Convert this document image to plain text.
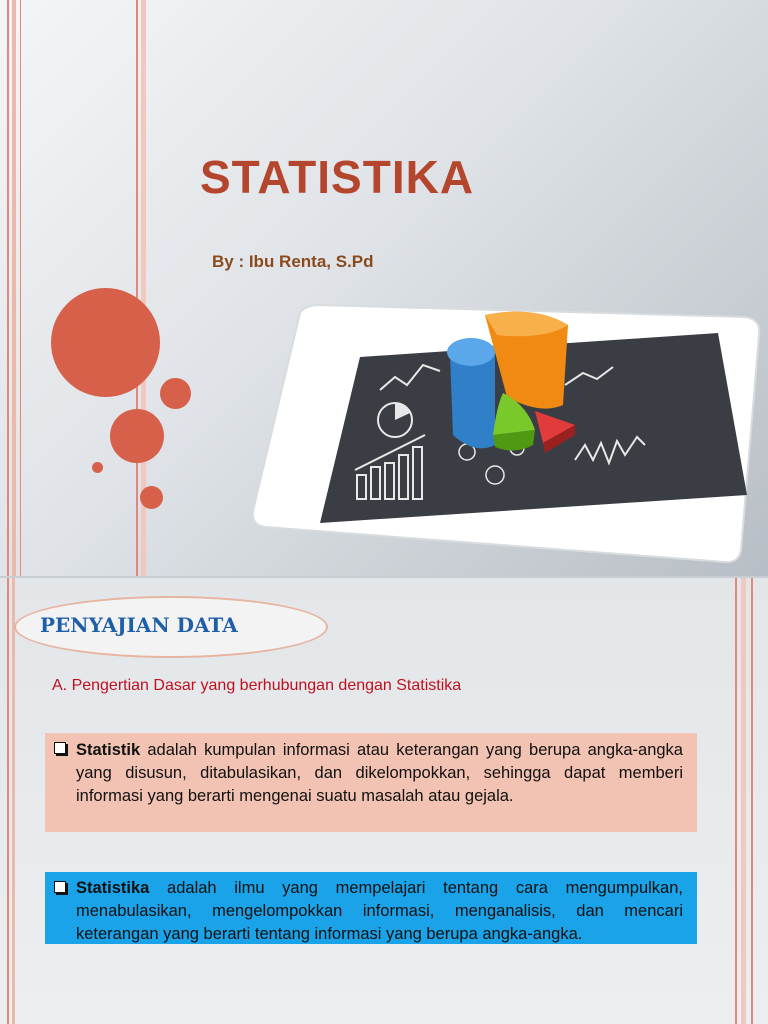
STATISTIKA
By : Ibu Renta, S.Pd
PENYAJIAN DATA
A. Pengertian Dasar yang berhubungan dengan Statistika
Statistik adalah kumpulan informasi atau keterangan yang berupa angka-angka yang disusun, ditabulasikan, dan dikelompokkan, sehingga dapat memberi informasi yang berarti mengenai suatu masalah atau gejala.
Statistika adalah ilmu yang mempelajari tentang cara mengumpulkan, menabulasikan, mengelompokkan informasi, menganalisis, dan mencari keterangan yang berarti tentang informasi yang berupa angka-angka.
